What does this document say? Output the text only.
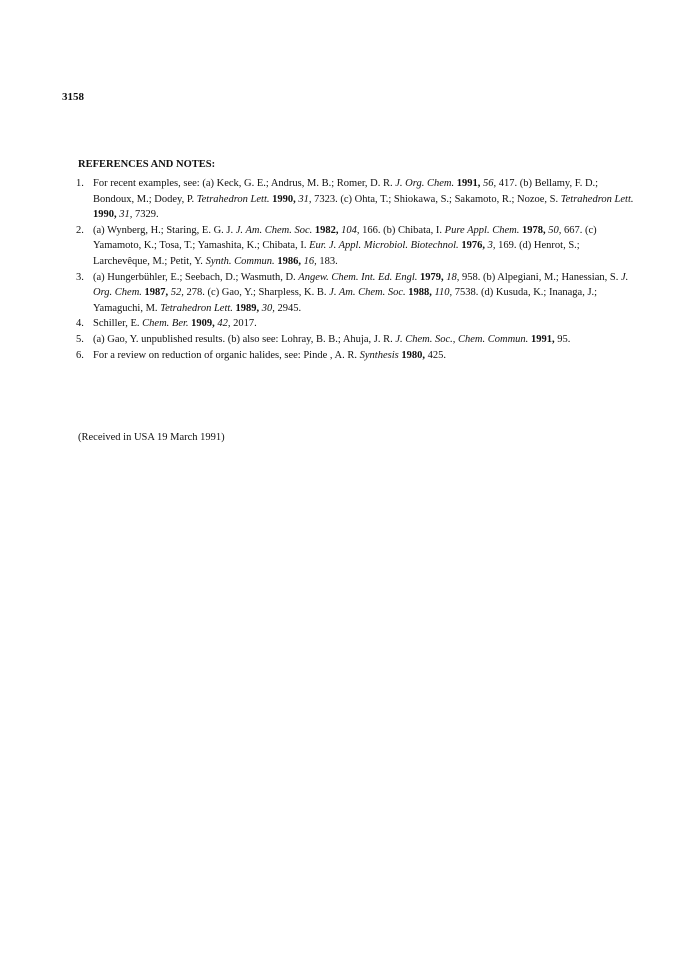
3158
REFERENCES AND NOTES:
1. For recent examples, see: (a) Keck, G. E.; Andrus, M. B.; Romer, D. R. J. Org. Chem. 1991, 56, 417. (b) Bellamy, F. D.; Bondoux, M.; Dodey, P. Tetrahedron Lett. 1990, 31, 7323. (c) Ohta, T.; Shiokawa, S.; Sakamoto, R.; Nozoe, S. Tetrahedron Lett. 1990, 31, 7329.
2. (a) Wynberg, H.; Staring, E. G. J. J. Am. Chem. Soc. 1982, 104, 166. (b) Chibata, I. Pure Appl. Chem. 1978, 50, 667. (c) Yamamoto, K.; Tosa, T.; Yamashita, K.; Chibata, I. Eur. J. Appl. Microbiol. Biotechnol. 1976, 3, 169. (d) Henrot, S.; Larchevêque, M.; Petit, Y. Synth. Commun. 1986, 16, 183.
3. (a) Hungerbühler, E.; Seebach, D.; Wasmuth, D. Angew. Chem. Int. Ed. Engl. 1979, 18, 958. (b) Alpegiani, M.; Hanessian, S. J. Org. Chem. 1987, 52, 278. (c) Gao, Y.; Sharpless, K. B. J. Am. Chem. Soc. 1988, 110, 7538. (d) Kusuda, K.; Inanaga, J.; Yamaguchi, M. Tetrahedron Lett. 1989, 30, 2945.
4. Schiller, E. Chem. Ber. 1909, 42, 2017.
5. (a) Gao, Y. unpublished results. (b) also see: Lohray, B. B.; Ahuja, J. R. J. Chem. Soc., Chem. Commun. 1991, 95.
6. For a review on reduction of organic halides, see: Pinde , A. R. Synthesis 1980, 425.
(Received in USA 19 March 1991)
